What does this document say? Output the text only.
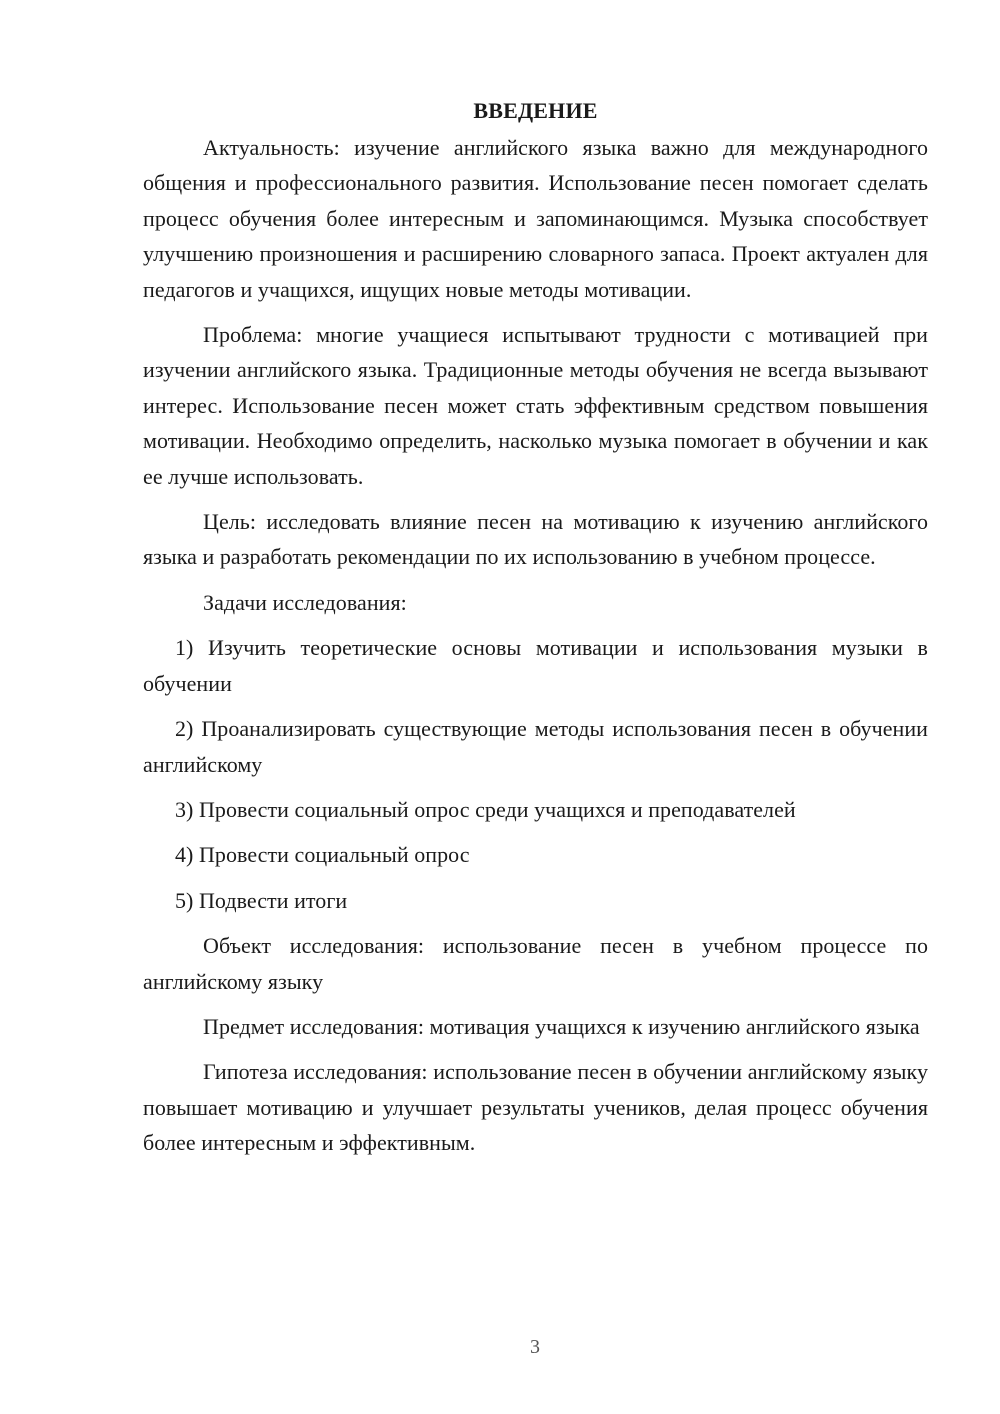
ВВЕДЕНИЕ

Актуальность: изучение английского языка важно для международного общения и профессионального развития. Использование песен помогает сделать процесс обучения более интересным и запоминающимся. Музыка способствует улучшению произношения и расширению словарного запаса. Проект актуален для педагогов и учащихся, ищущих новые методы мотивации.

Проблема: многие учащиеся испытывают трудности с мотивацией при изучении английского языка. Традиционные методы обучения не всегда вызывают интерес. Использование песен может стать эффективным средством повышения мотивации. Необходимо определить, насколько музыка помогает в обучении и как ее лучше использовать.

Цель: исследовать влияние песен на мотивацию к изучению английского языка и разработать рекомендации по их использованию в учебном процессе.

Задачи исследования:

1) Изучить теоретические основы мотивации и использования музыки в обучении

2) Проанализировать существующие методы использования песен в обучении английскому

3) Провести социальный опрос среди учащихся и преподавателей

4) Провести социальный опрос

5) Подвести итоги

Объект исследования: использование песен в учебном процессе по английскому языку

Предмет исследования: мотивация учащихся к изучению английского языка

Гипотеза исследования: использование песен в обучении английскому языку повышает мотивацию и улучшает результаты учеников, делая процесс обучения более интересным и эффективным.

3
